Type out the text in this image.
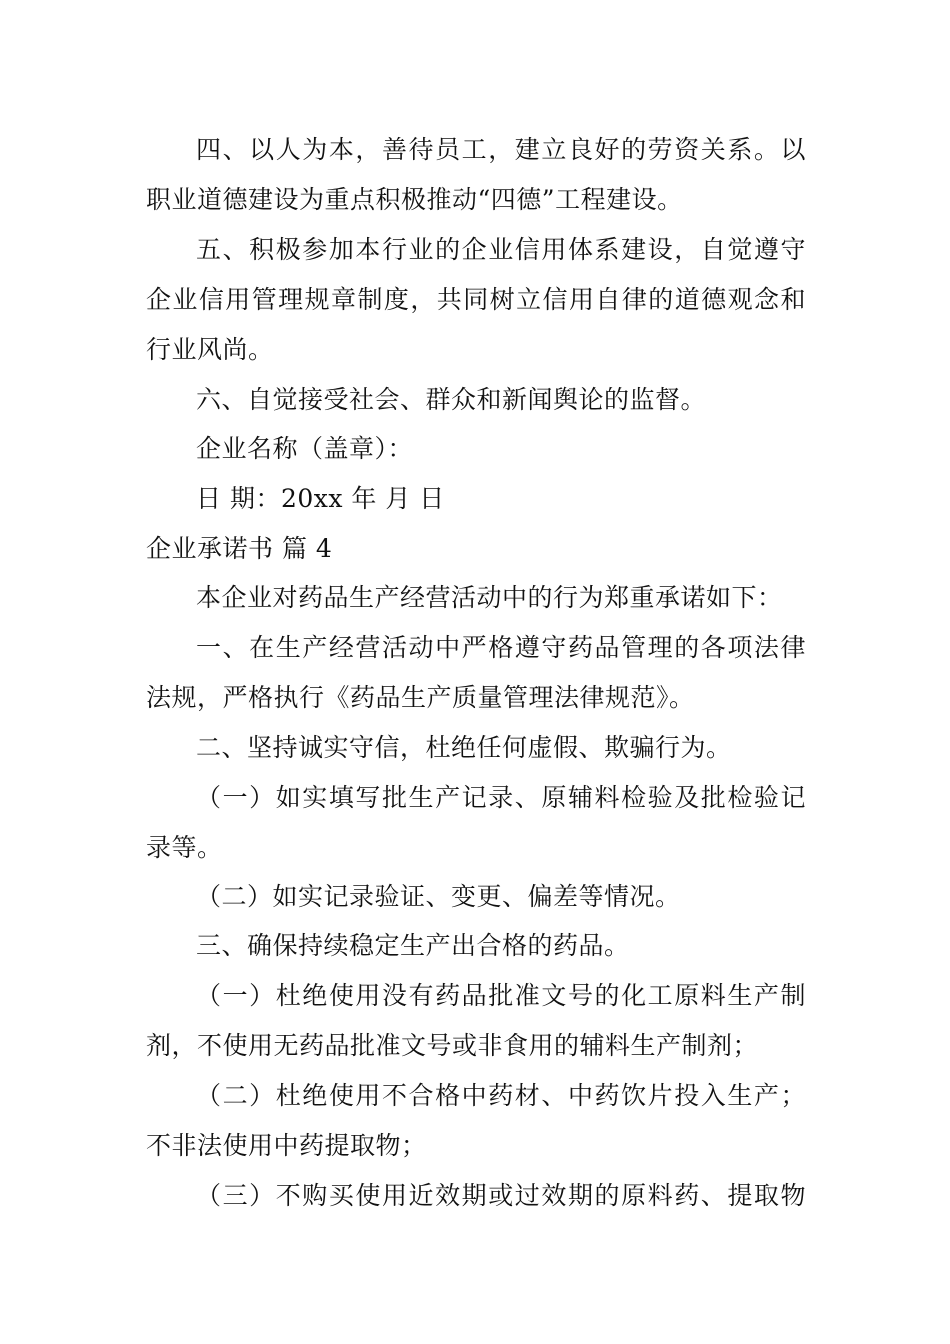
四、以人为本，善待员工，建立良好的劳资关系。以
职业道德建设为重点积极推动“四德”工程建设。
五、积极参加本行业的企业信用体系建设，自觉遵守
企业信用管理规章制度，共同树立信用自律的道德观念和
行业风尚。
六、自觉接受社会、群众和新闻舆论的监督。
企业名称（盖章）：
日 期：20xx 年 月 日
企业承诺书 篇 4
本企业对药品生产经营活动中的行为郑重承诺如下：
一、在生产经营活动中严格遵守药品管理的各项法律
法规，严格执行《药品生产质量管理法律规范》。
二、坚持诚实守信，杜绝任何虚假、欺骗行为。
（一）如实填写批生产记录、原辅料检验及批检验记
录等。
（二）如实记录验证、变更、偏差等情况。
三、确保持续稳定生产出合格的药品。
（一）杜绝使用没有药品批准文号的化工原料生产制
剂，不使用无药品批准文号或非食用的辅料生产制剂；
（二）杜绝使用不合格中药材、中药饮片投入生产；
不非法使用中药提取物；
（三）不购买使用近效期或过效期的原料药、提取物
